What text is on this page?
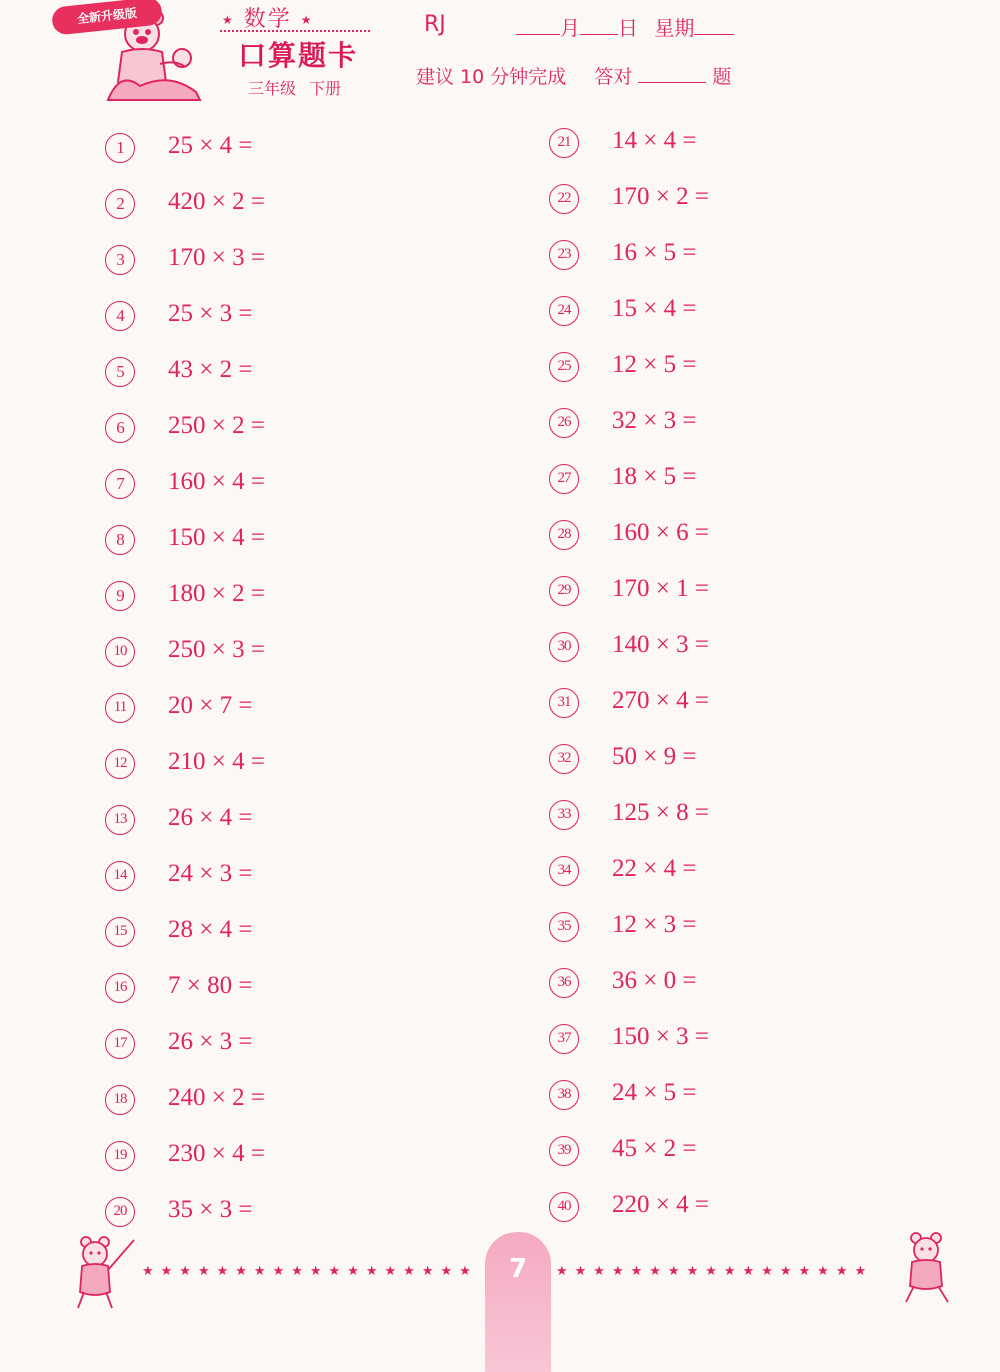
全新升级版	★ 数学 ★
口算题卡
三年级 下册
RJ	月 日 星期
建议 10 分钟完成 答对	题
1	25 × 4 =
2	420 × 2 =
3	170 × 3 =
4	25 × 3 =
5	43 × 2 =
6	250 × 2 =
7	160 × 4 =
8	150 × 4 =
9	180 × 2 =
10	250 × 3 =
11	20 × 7 =
12	210 × 4 =
13	26 × 4 =
14	24 × 3 =
15	28 × 4 =
16	7 × 80 =
17	26 × 3 =
18	240 × 2 =
19	230 × 4 =
20	35 × 3 =
21	14 × 4 =
22	170 × 2 =
23	16 × 5 =
24	15 × 4 =
25	12 × 5 =
26	32 × 3 =
27	18 × 5 =
28	160 × 6 =
29	170 × 1 =
30	140 × 3 =
31	270 × 4 =
32	50 × 9 =
33	125 × 8 =
34	22 × 4 =
35	12 × 3 =
36	36 × 0 =
37	150 × 3 =
38	24 × 5 =
39	45 × 2 =
40	220 × 4 =
★★★★★★★★★★★★★★★★★★	7	★★★★★★★★★★★★★★★★★
